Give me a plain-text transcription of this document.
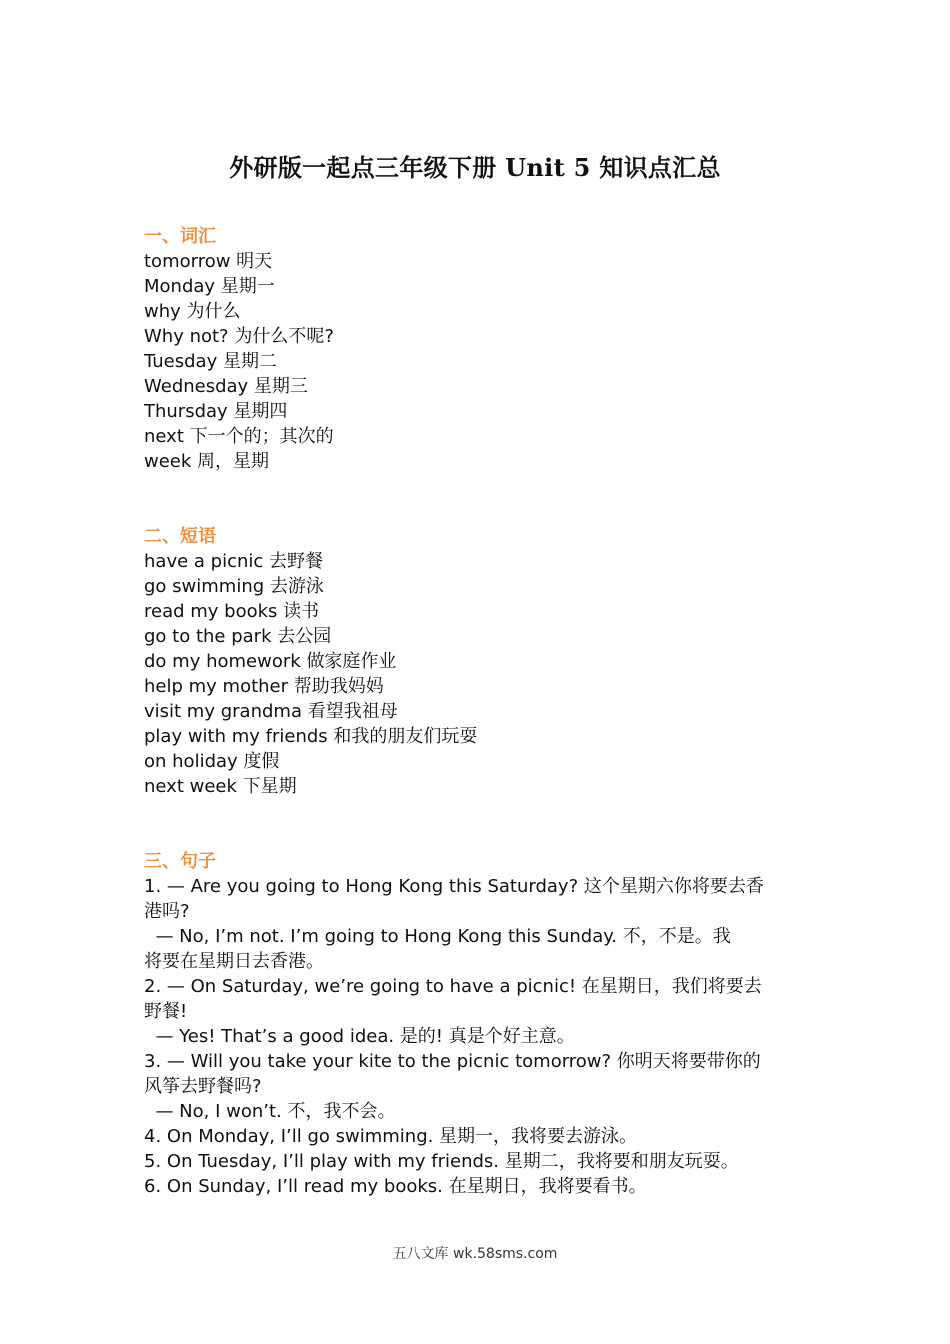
外研版一起点三年级下册 Unit 5 知识点汇总
一、词汇
tomorrow 明天
Monday 星期一
why 为什么
Why not? 为什么不呢?
Tuesday 星期二
Wednesday 星期三
Thursday 星期四
next 下一个的；其次的
week 周，星期
二、短语
have a picnic 去野餐
go swimming 去游泳
read my books 读书
go to the park 去公园
do my homework 做家庭作业
help my mother 帮助我妈妈
visit my grandma 看望我祖母
play with my friends 和我的朋友们玩耍
on holiday 度假
next week 下星期
三、句子
1. — Are you going to Hong Kong this Saturday? 这个星期六你将要去香
港吗?
— No, I’m not. I’m going to Hong Kong this Sunday. 不，不是。我
将要在星期日去香港。
2. — On Saturday, we’re going to have a picnic! 在星期日，我们将要去
野餐!
— Yes! That’s a good idea. 是的! 真是个好主意。
3. — Will you take your kite to the picnic tomorrow? 你明天将要带你的
风筝去野餐吗?
— No, I won’t. 不，我不会。
4. On Monday, I’ll go swimming. 星期一，我将要去游泳。
5. On Tuesday, I’ll play with my friends. 星期二，我将要和朋友玩耍。
6. On Sunday, I’ll read my books. 在星期日，我将要看书。
五八文库 wk.58sms.com
